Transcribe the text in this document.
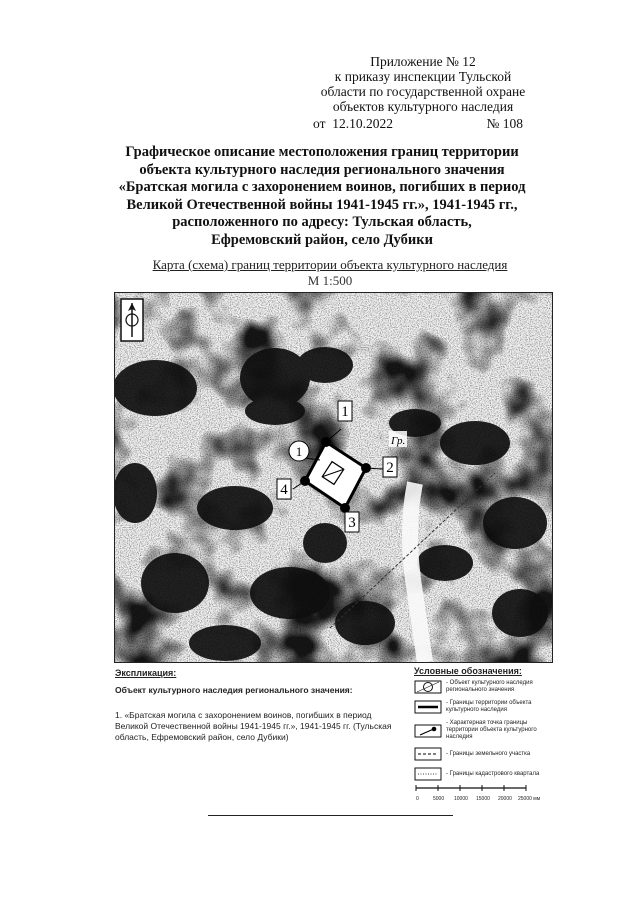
Приложение № 12
к приказу инспекции Тульской
области по государственной охране
объектов культурного наследия
от 12.10.2022	№ 108
Графическое описание местоположения границ территории
объекта культурного наследия регионального значения
«Братская могила с захоронением воинов, погибших в период
Великой Отечественной войны 1941-1945 гг.», 1941-1945 гг.,
расположенного по адресу: Тульская область,
Ефремовский район, село Дубики
Карта (схема) границ территории объекта культурного наследия
М 1:500
1
2
3
4
1
Гр.
Экспликация:
Объект культурного наследия регионального значения:
1. «Братская могила с захоронением воинов, погибших в период Великой Отечественной войны 1941-1945 гг.», 1941-1945 гг. (Тульская область, Ефремовский район, село Дубики)
Условные обозначения:
- Объект культурного наследия регионального значения
- Границы территории объекта культурного наследия
- Характерная точка границы территории объекта культурного наследия
- Границы земельного участка
- Границы кадастрового квартала
0	5000 10000 15000 20000 25000 мм
